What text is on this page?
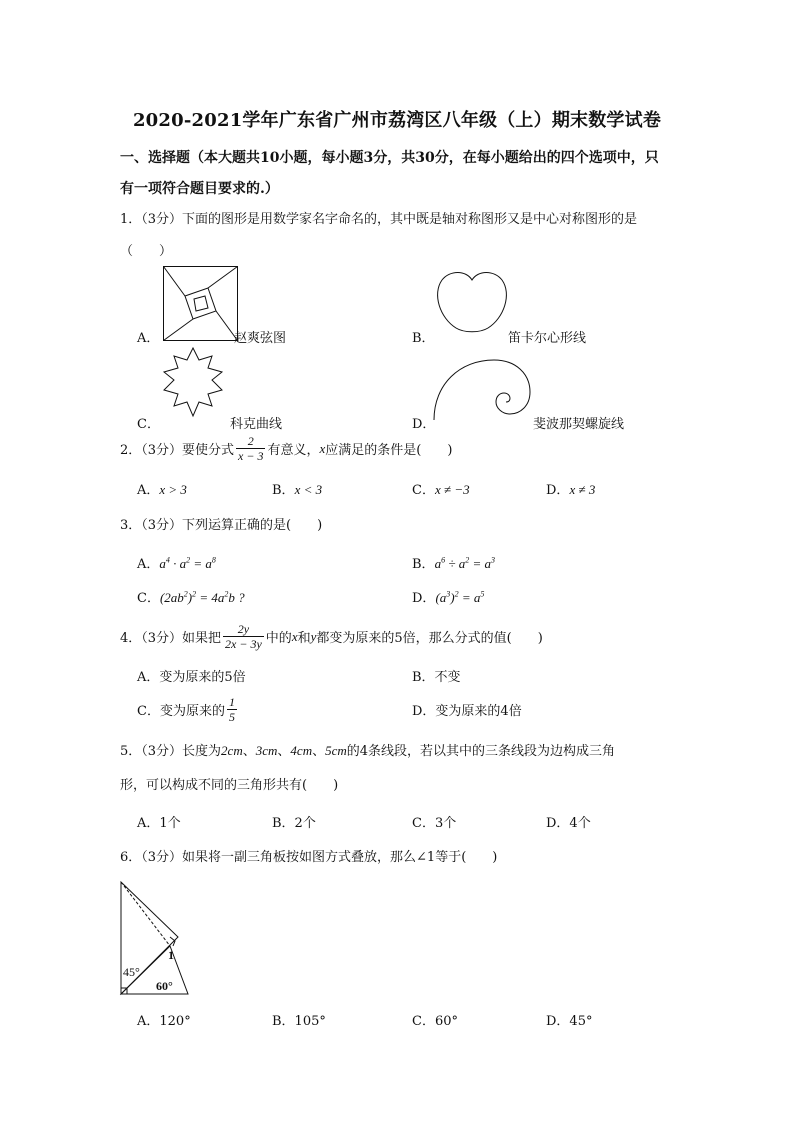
2020-2021学年广东省广州市荔湾区八年级（上）期末数学试卷
一、选择题（本大题共10小题，每小题3分，共30分，在每小题给出的四个选项中，只
有一项符合题目要求的.）
1．（3分）下面的图形是用数学家名字命名的，其中既是轴对称图形又是中心对称图形的是
（　　）
A．	赵爽弦图	B．	笛卡尔心形线
C．	科克曲线	D．	斐波那契螺旋线
2．（3分）要使分式 $\frac{2}{x - 3}$ 有意义， x 应满足的条件是(　　)
A．x > 3	B．x < 3	C．x ≠ −3	D．x ≠ 3
3．（3分）下列运算正确的是(　　)
A．$a^4 \cdot a^2 = a^8$	B．$a^6 \div a^2 = a^3$
C．$(2ab^2)^2 = 4a^2b$ ?	D．$(a^3)^2 = a^5$
4．（3分）如果把 $\frac{2y}{2x - 3y}$ 中的 x 和 y 都变为原来的5倍，那么分式的值(　　)
A．变为原来的5倍	B．不变
C．变为原来的 $\frac{1}{5}$	D．变为原来的4倍
5．（3分）长度为2cm、3cm、4cm、5cm的4条线段，若以其中的三条线段为边构成三角
形，可以构成不同的三角形共有(　　)
A．1个	B．2个	C．3个	D．4个
6．（3分）如果将一副三角板按如图方式叠放，那么∠1等于(　　)
45°
60°
1
A．120°	B．105°	C．60°	D．45°
